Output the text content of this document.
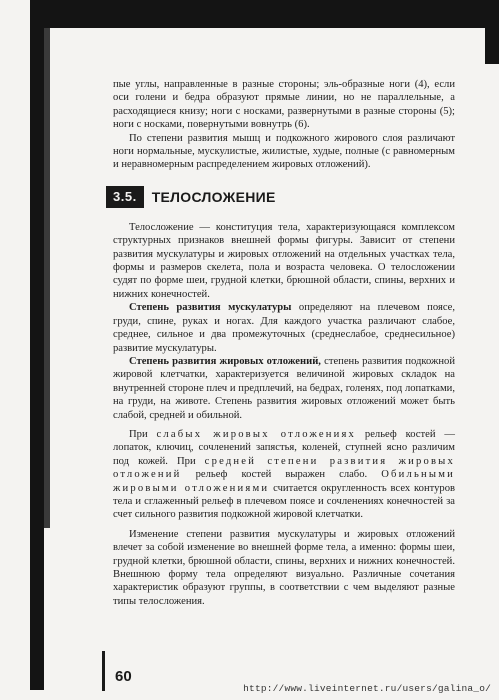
пые углы, направленные в разные стороны; эль-образные ноги (4), если оси голени и бедра образуют прямые линии, но не параллельные, а расходящиеся книзу; ноги с носками, развернутыми в разные стороны (5); ноги с носками, повернутыми вовнутрь (6).

По степени развития мышц и подкожного жирового слоя различают ноги нормальные, мускулистые, жилистые, худые, полные (с равномерным и неравномерным распределением жировых отложений).

3.5.	ТЕЛОСЛОЖЕНИЕ

Телосложение — конституция тела, характеризующаяся комплексом структурных признаков внешней формы фигуры. Зависит от степени развития мускулатуры и жировых отложений на отдельных участках тела, формы и размеров скелета, пола и возраста человека. О телосложении судят по форме шеи, грудной клетки, брюшной области, спины, верхних и нижних конечностей.

Степень развития мускулатуры определяют на плечевом поясе, груди, спине, руках и ногах. Для каждого участка различают слабое, среднее, сильное и два промежуточных (среднеслабое, среднесильное) развитие мускулатуры.

Степень развития жировых отложений, степень развития подкожной жировой клетчатки, характеризуется величиной жировых складок на внутренней стороне плеч и предплечий, на бедрах, голенях, под лопатками, на груди, на животе. Степень развития жировых отложений может быть слабой, средней и обильной.

При слабых жировых отложениях рельеф костей — лопаток, ключиц, сочленений запястья, коленей, ступней ясно различим под кожей. При средней степени развития жировых отложений рельеф костей выражен слабо. Обильными жировыми отложениями считается округленность всех контуров тела и сглаженный рельеф в плечевом поясе и сочленениях конечностей за счет сильного развития подкожной жировой клетчатки.

Изменение степени развития мускулатуры и жировых отложений влечет за собой изменение во внешней форме тела, а именно: формы шеи, грудной клетки, брюшной области, спины, верхних и нижних конечностей. Внешнюю форму тела определяют визуально. Различные сочетания характеристик образуют группы, в соответствии с чем выделяют разные типы телосложения.

60
http://www.liveinternet.ru/users/galina_o/
